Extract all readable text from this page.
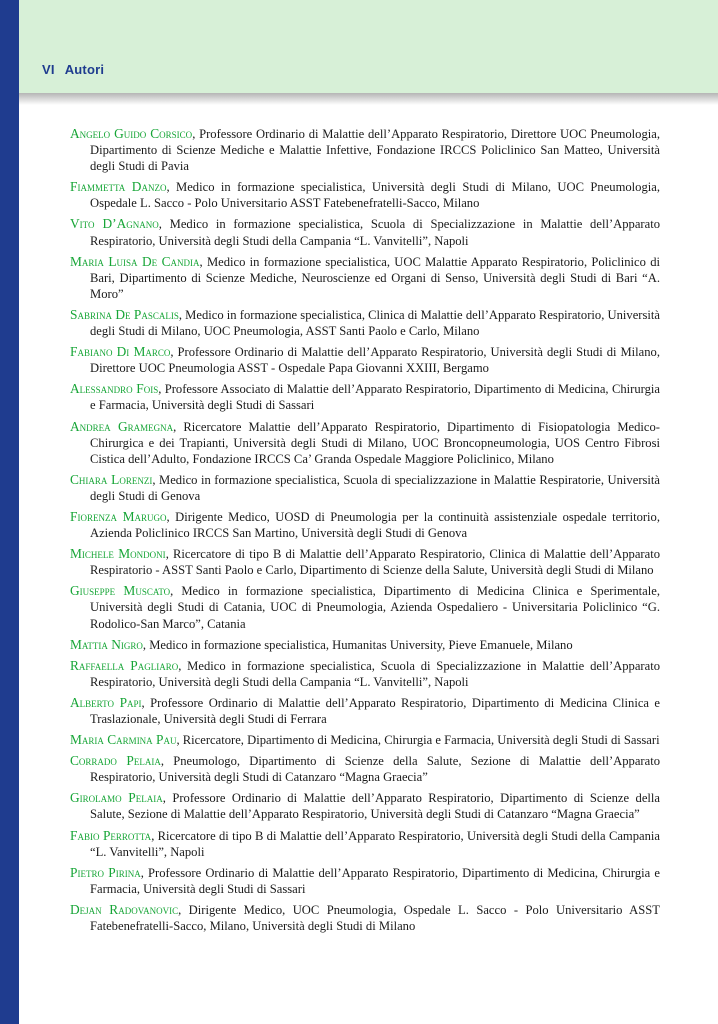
VI Autori

Angelo Guido Corsico, Professore Ordinario di Malattie dell’Apparato Respiratorio, Direttore UOC Pneumologia, Dipartimento di Scienze Mediche e Malattie Infettive, Fondazione IRCCS Policlinico San Matteo, Università degli Studi di Pavia

Fiammetta Danzo, Medico in formazione specialistica, Università degli Studi di Milano, UOC Pneumologia, Ospedale L. Sacco - Polo Universitario ASST Fatebenefratelli-Sacco, Milano

Vito D’Agnano, Medico in formazione specialistica, Scuola di Specializzazione in Malattie dell’Apparato Respiratorio, Università degli Studi della Campania “L. Vanvitelli”, Napoli

Maria Luisa De Candia, Medico in formazione specialistica, UOC Malattie Apparato Respiratorio, Policlinico di Bari, Dipartimento di Scienze Mediche, Neuroscienze ed Organi di Senso, Università degli Studi di Bari “A. Moro”

Sabrina De Pascalis, Medico in formazione specialistica, Clinica di Malattie dell’Apparato Respiratorio, Università degli Studi di Milano, UOC Pneumologia, ASST Santi Paolo e Carlo, Milano

Fabiano Di Marco, Professore Ordinario di Malattie dell’Apparato Respiratorio, Università degli Studi di Milano, Direttore UOC Pneumologia ASST - Ospedale Papa Giovanni XXIII, Bergamo

Alessandro Fois, Professore Associato di Malattie dell’Apparato Respiratorio, Dipartimento di Medicina, Chirurgia e Farmacia, Università degli Studi di Sassari

Andrea Gramegna, Ricercatore Malattie dell’Apparato Respiratorio, Dipartimento di Fisiopatologia Medico-Chirurgica e dei Trapianti, Università degli Studi di Milano, UOC Broncopneumologia, UOS Centro Fibrosi Cistica dell’Adulto, Fondazione IRCCS Ca’ Granda Ospedale Maggiore Policlinico, Milano

Chiara Lorenzi, Medico in formazione specialistica, Scuola di specializzazione in Malattie Respiratorie, Università degli Studi di Genova

Fiorenza Marugo, Dirigente Medico, UOSD di Pneumologia per la continuità assistenziale ospedale territorio, Azienda Policlinico IRCCS San Martino, Università degli Studi di Genova

Michele Mondoni, Ricercatore di tipo B di Malattie dell’Apparato Respiratorio, Clinica di Malattie dell’Apparato Respiratorio - ASST Santi Paolo e Carlo, Dipartimento di Scienze della Salute, Università degli Studi di Milano

Giuseppe Muscato, Medico in formazione specialistica, Dipartimento di Medicina Clinica e Sperimentale, Università degli Studi di Catania, UOC di Pneumologia, Azienda Ospedaliero - Universitaria Policlinico “G. Rodolico-San Marco”, Catania

Mattia Nigro, Medico in formazione specialistica, Humanitas University, Pieve Emanuele, Milano

Raffaella Pagliaro, Medico in formazione specialistica, Scuola di Specializzazione in Malattie dell’Apparato Respiratorio, Università degli Studi della Campania “L. Vanvitelli”, Napoli

Alberto Papi, Professore Ordinario di Malattie dell’Apparato Respiratorio, Dipartimento di Medicina Clinica e Traslazionale, Università degli Studi di Ferrara

Maria Carmina Pau, Ricercatore, Dipartimento di Medicina, Chirurgia e Farmacia, Università degli Studi di Sassari

Corrado Pelaia, Pneumologo, Dipartimento di Scienze della Salute, Sezione di Malattie dell’Apparato Respiratorio, Università degli Studi di Catanzaro “Magna Graecia”

Girolamo Pelaia, Professore Ordinario di Malattie dell’Apparato Respiratorio, Dipartimento di Scienze della Salute, Sezione di Malattie dell’Apparato Respiratorio, Università degli Studi di Catanzaro “Magna Graecia”

Fabio Perrotta, Ricercatore di tipo B di Malattie dell’Apparato Respiratorio, Università degli Studi della Campania “L. Vanvitelli”, Napoli

Pietro Pirina, Professore Ordinario di Malattie dell’Apparato Respiratorio, Dipartimento di Medicina, Chirurgia e Farmacia, Università degli Studi di Sassari

Dejan Radovanovic, Dirigente Medico, UOC Pneumologia, Ospedale L. Sacco - Polo Universitario ASST Fatebenefratelli-Sacco, Milano, Università degli Studi di Milano
